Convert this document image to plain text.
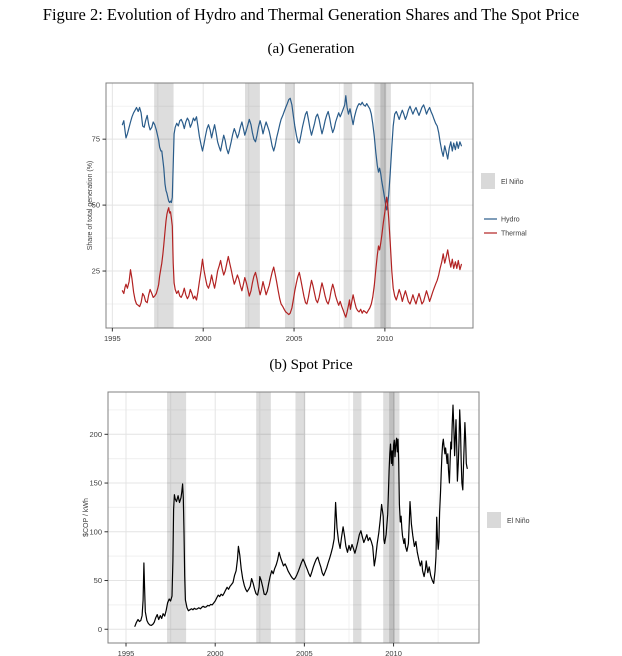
Figure 2: Evolution of Hydro and Thermal Generation Shares and The Spot Price
(a) Generation
1995	2000	2005	2010
25
50
75
Share of total generation (%)	El Niño
Hydro
Thermal
(b) Spot Price
1995	2000	2005	2010
0
50
100
150
200
$COP / kWh	El Niño
